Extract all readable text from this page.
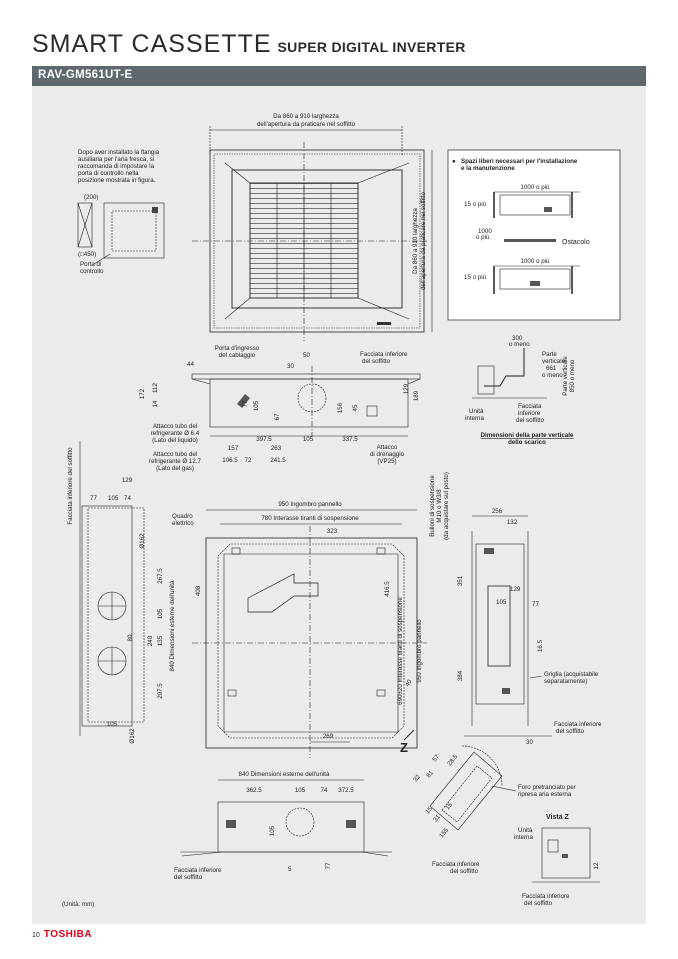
SMART CASSETTE SUPER DIGITAL INVERTER
RAV-GM561UT-E
Da 860 a 910 larghezza
dell'apertura da praticare nel soffitto
Da 860 a 910 larghezza dell'apertura da praticare nel soffitto
Dopo aver installato la flangia
ausiliaria per l'aria fresca, si
raccomanda di impostare la
porta di controllo nella
posizione mostrata in figura.
(200)
(□450)
Porta di
controllo
● Spazi liberi necessari per l'installazione
e la manutenzione
1000 o più
15 o più
1000
o più
Ostacolo
1000 o più
15 o più
Porta d'ingresso
del cablaggio	Facciata inferiore
del soffitto
50
44	30
172
112
14
129
189
77 105
67
156 45
397.5	105	337.5
157	263
106.5 72	241.5
Attacco tubo del
refrigerante Ø 6.4
(Lato del liquido)
Attacco tubo del
refrigerante Ø 12.7
(Lato del gas)
Attacco
di drenaggio
(VP25)
300
o meno
Parte
verticale
661
o meno Parte verticale 850 o meno
Unità
interna
Facciata
inferiore
del soffitto
Dimensioni della parte verticale
dello scarico
Facciata inferiore del soffitto	129
77 105 74
Ø162
Ø162
267.5
105
80 240 135
207.5
105
840 Dimensioni esterne dell'unità
Quadro
elettrico
950 Ingombro pannello
780 Interasse tiranti di sospensione
323
408	416.5
690±20 Interasse tiranti di sospensione 950 Ingombro pannello
40
269
Z
Bulloni di sospensione M10 o W3/8 (da acquistare sul posto)	256
132
351
105
129
77
384
16.5
Griglia (acquistabile
separatamente)
Facciata inferiore
del soffitto
30
840 Dimensioni esterne dell'unità
362.5	105 74 372.5
105
77
5
Facciata inferiore
del soffitto
Facciata inferiore
del soffitto
32 81
57 28.5
155
31
15
15
Foro pretranciato per
ripresa aria esterna
Vista Z
Unità
interna
12
Facciata inferiore
del soffitto
(Unità: mm)
10 TOSHIBA
